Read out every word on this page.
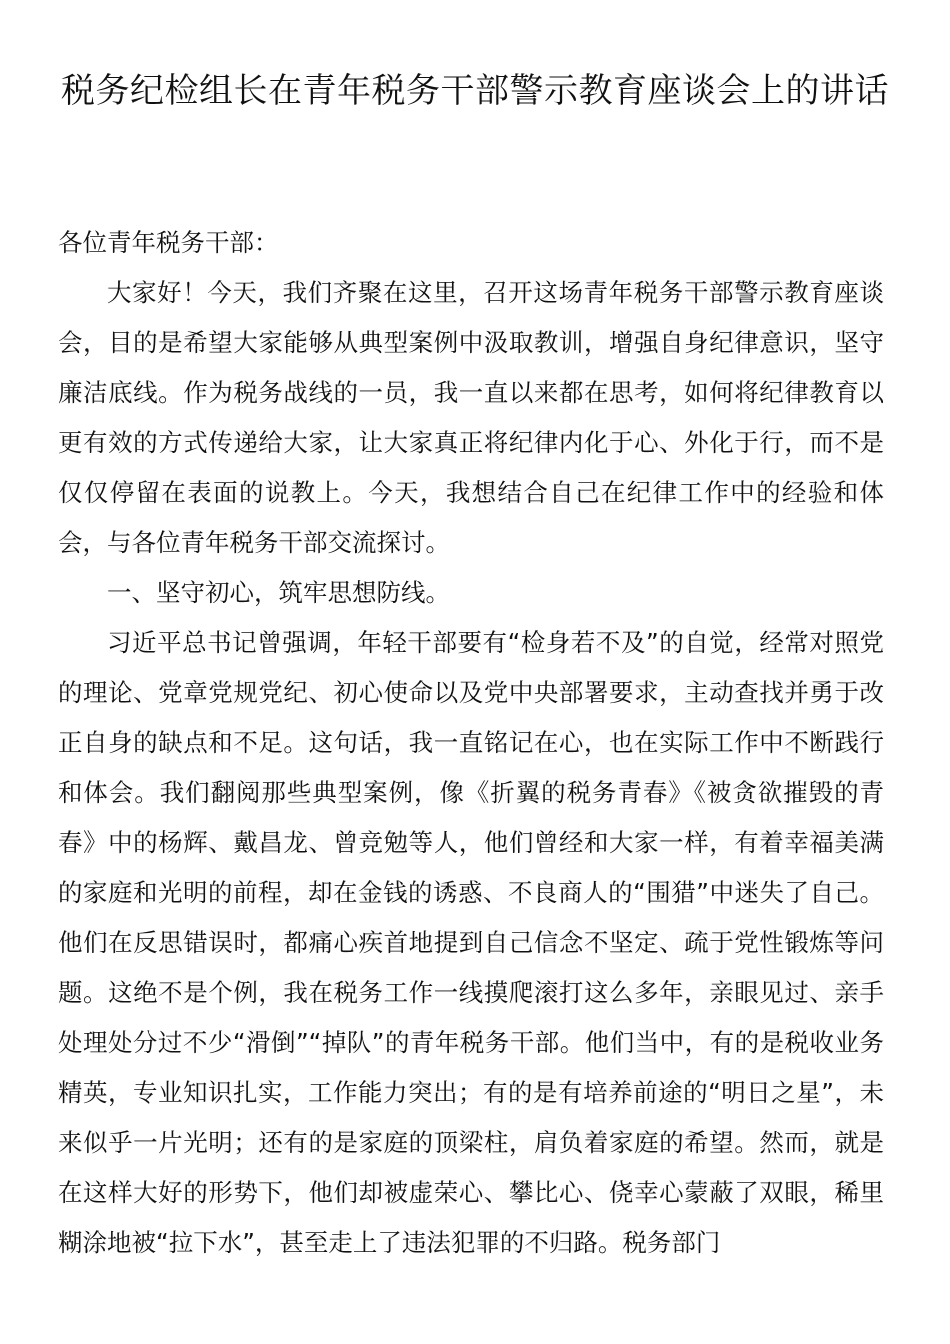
税务纪检组长在青年税务干部警示教育座谈会上的讲话
各位青年税务干部：

大家好！今天，我们齐聚在这里，召开这场青年税务干部警示教育座谈会，目的是希望大家能够从典型案例中汲取教训，增强自身纪律意识，坚守廉洁底线。作为税务战线的一员，我一直以来都在思考，如何将纪律教育以更有效的方式传递给大家，让大家真正将纪律内化于心、外化于行，而不是仅仅停留在表面的说教上。今天，我想结合自己在纪律工作中的经验和体会，与各位青年税务干部交流探讨。

一、坚守初心，筑牢思想防线。

习近平总书记曾强调，年轻干部要有“检身若不及”的自觉，经常对照党的理论、党章党规党纪、初心使命以及党中央部署要求，主动查找并勇于改正自身的缺点和不足。这句话，我一直铭记在心，也在实际工作中不断践行和体会。我们翻阅那些典型案例，像《折翼的税务青春》《被贪欲摧毁的青春》中的杨辉、戴昌龙、曾竞勉等人，他们曾经和大家一样，有着幸福美满的家庭和光明的前程，却在金钱的诱惑、不良商人的“围猎”中迷失了自己。他们在反思错误时，都痛心疾首地提到自己信念不坚定、疏于党性锻炼等问题。这绝不是个例，我在税务工作一线摸爬滚打这么多年，亲眼见过、亲手处理处分过不少“滑倒”“掉队”的青年税务干部。他们当中，有的是税收业务精英，专业知识扎实，工作能力突出；有的是有培养前途的“明日之星”，未来似乎一片光明；还有的是家庭的顶梁柱，肩负着家庭的希望。然而，就是在这样大好的形势下，他们却被虚荣心、攀比心、侥幸心蒙蔽了双眼，稀里糊涂地被“拉下水”，甚至走上了违法犯罪的不归路。税务部门
